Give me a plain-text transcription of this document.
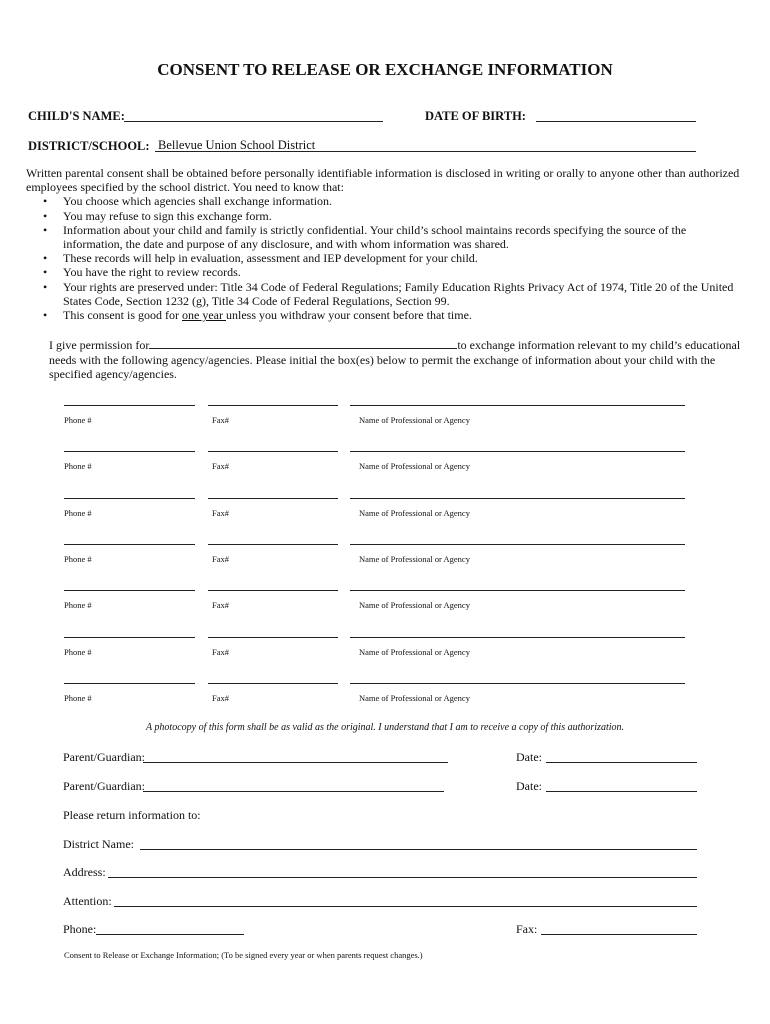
CONSENT TO RELEASE OR EXCHANGE INFORMATION
CHILD'S NAME:	DATE OF BIRTH:
DISTRICT/SCHOOL: Bellevue Union School District

Written parental consent shall be obtained before personally identifiable information is disclosed in writing or orally to anyone other than authorized employees specified by the school district. You need to know that:

• You choose which agencies shall exchange information.
• You may refuse to sign this exchange form.
• Information about your child and family is strictly confidential. Your child’s school maintains records specifying the source of the information, the date and purpose of any disclosure, and with whom information was shared.
• These records will help in evaluation, assessment and IEP development for your child.
• You have the right to review records.
• Your rights are preserved under: Title 34 Code of Federal Regulations; Family Education Rights Privacy Act of 1974, Title 20 of the United States Code, Section 1232 (g), Title 34 Code of Federal Regulations, Section 99.
• This consent is good for one year unless you withdraw your consent before that time.
I give permission for	to exchange information relevant to my child’s educational needs with the following agency/agencies. Please initial the box(es) below to permit the exchange of information about your child with the specified agency/agencies.
Phone #	Fax#	Name of Professional or Agency
Phone #	Fax#	Name of Professional or Agency
Phone #	Fax#	Name of Professional or Agency
Phone #	Fax#	Name of Professional or Agency
Phone #	Fax#	Name of Professional or Agency
Phone #	Fax#	Name of Professional or Agency
Phone #	Fax#	Name of Professional or Agency
A photocopy of this form shall be as valid as the original. I understand that I am to receive a copy of this authorization.
Parent/Guardian:	Date:
Parent/Guardian:	Date:
Please return information to:
District Name:
Address:
Attention:
Phone:	Fax:
Consent to Release or Exchange Information; (To be signed every year or when parents request changes.)
